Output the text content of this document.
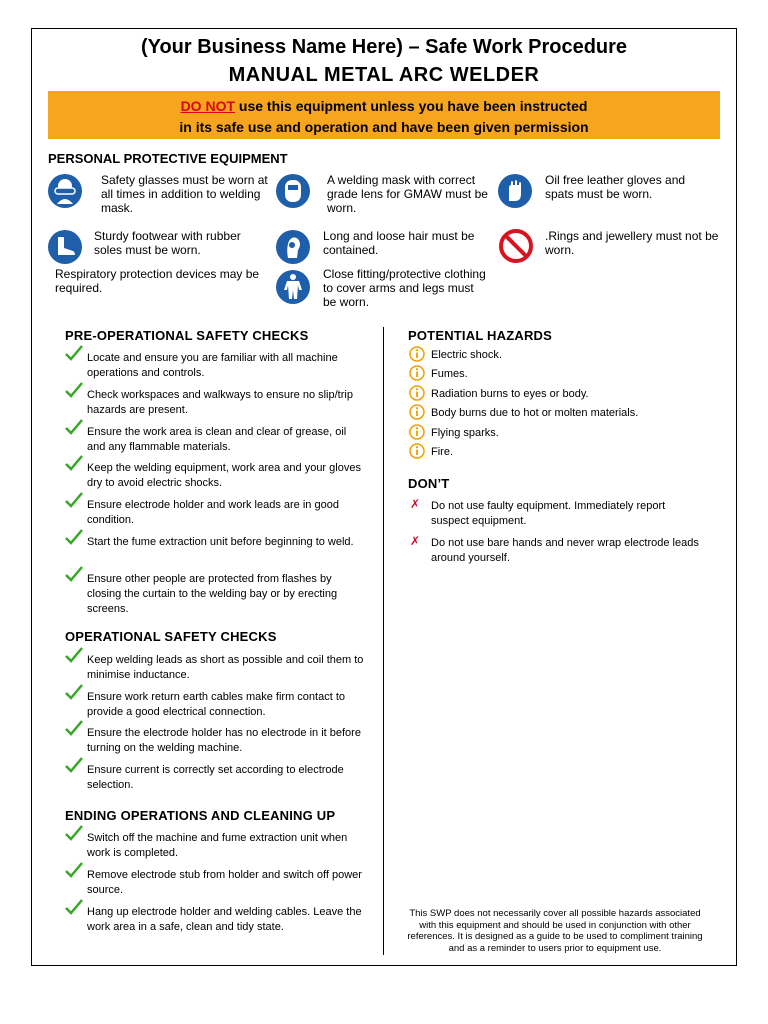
(Your Business Name Here) – Safe Work Procedure
MANUAL METAL ARC WELDER
DO NOT use this equipment unless you have been instructed
in its safe use and operation and have been given permission
PERSONAL PROTECTIVE EQUIPMENT
Safety glasses must be worn at all times in addition to welding mask.
A welding mask with correct grade lens for GMAW must be worn.
Oil free leather gloves and spats must be worn.
Sturdy footwear with rubber soles must be worn.
Long and loose hair must be contained.
.Rings and jewellery must not be worn.
Respiratory protection devices may be required.
Close fitting/protective clothing to cover arms and legs must be worn.
PRE-OPERATIONAL SAFETY CHECKS
Locate and ensure you are familiar with all machine operations and controls.
Check workspaces and walkways to ensure no slip/trip hazards are present.
Ensure the work area is clean and clear of grease, oil and any flammable materials.
Keep the welding equipment, work area and your gloves dry to avoid electric shocks.
Ensure electrode holder and work leads are in good condition.
Start the fume extraction unit before beginning to weld.
Ensure other people are protected from flashes by closing the curtain to the welding bay or by erecting screens.
OPERATIONAL SAFETY CHECKS
Keep welding leads as short as possible and coil them to minimise inductance.
Ensure work return earth cables make firm contact to provide a good electrical connection.
Ensure the electrode holder has no electrode in it before turning on the welding machine.
Ensure current is correctly set according to electrode selection.
ENDING OPERATIONS AND CLEANING UP
Switch off the machine and fume extraction unit when work is completed.
Remove electrode stub from holder and switch off power source.
Hang up electrode holder and welding cables. Leave the work area in a safe, clean and tidy state.
POTENTIAL HAZARDS
Electric shock.
Fumes.
Radiation burns to eyes or body.
Body burns due to hot or molten materials.
Flying sparks.
Fire.
DON’T
✗ Do not use faulty equipment. Immediately report suspect equipment.
✗ Do not use bare hands and never wrap electrode leads around yourself.
This SWP does not necessarily cover all possible hazards associated with this equipment and should be used in conjunction with other references. It is designed as a guide to be used to compliment training and as a reminder to users prior to equipment use.
